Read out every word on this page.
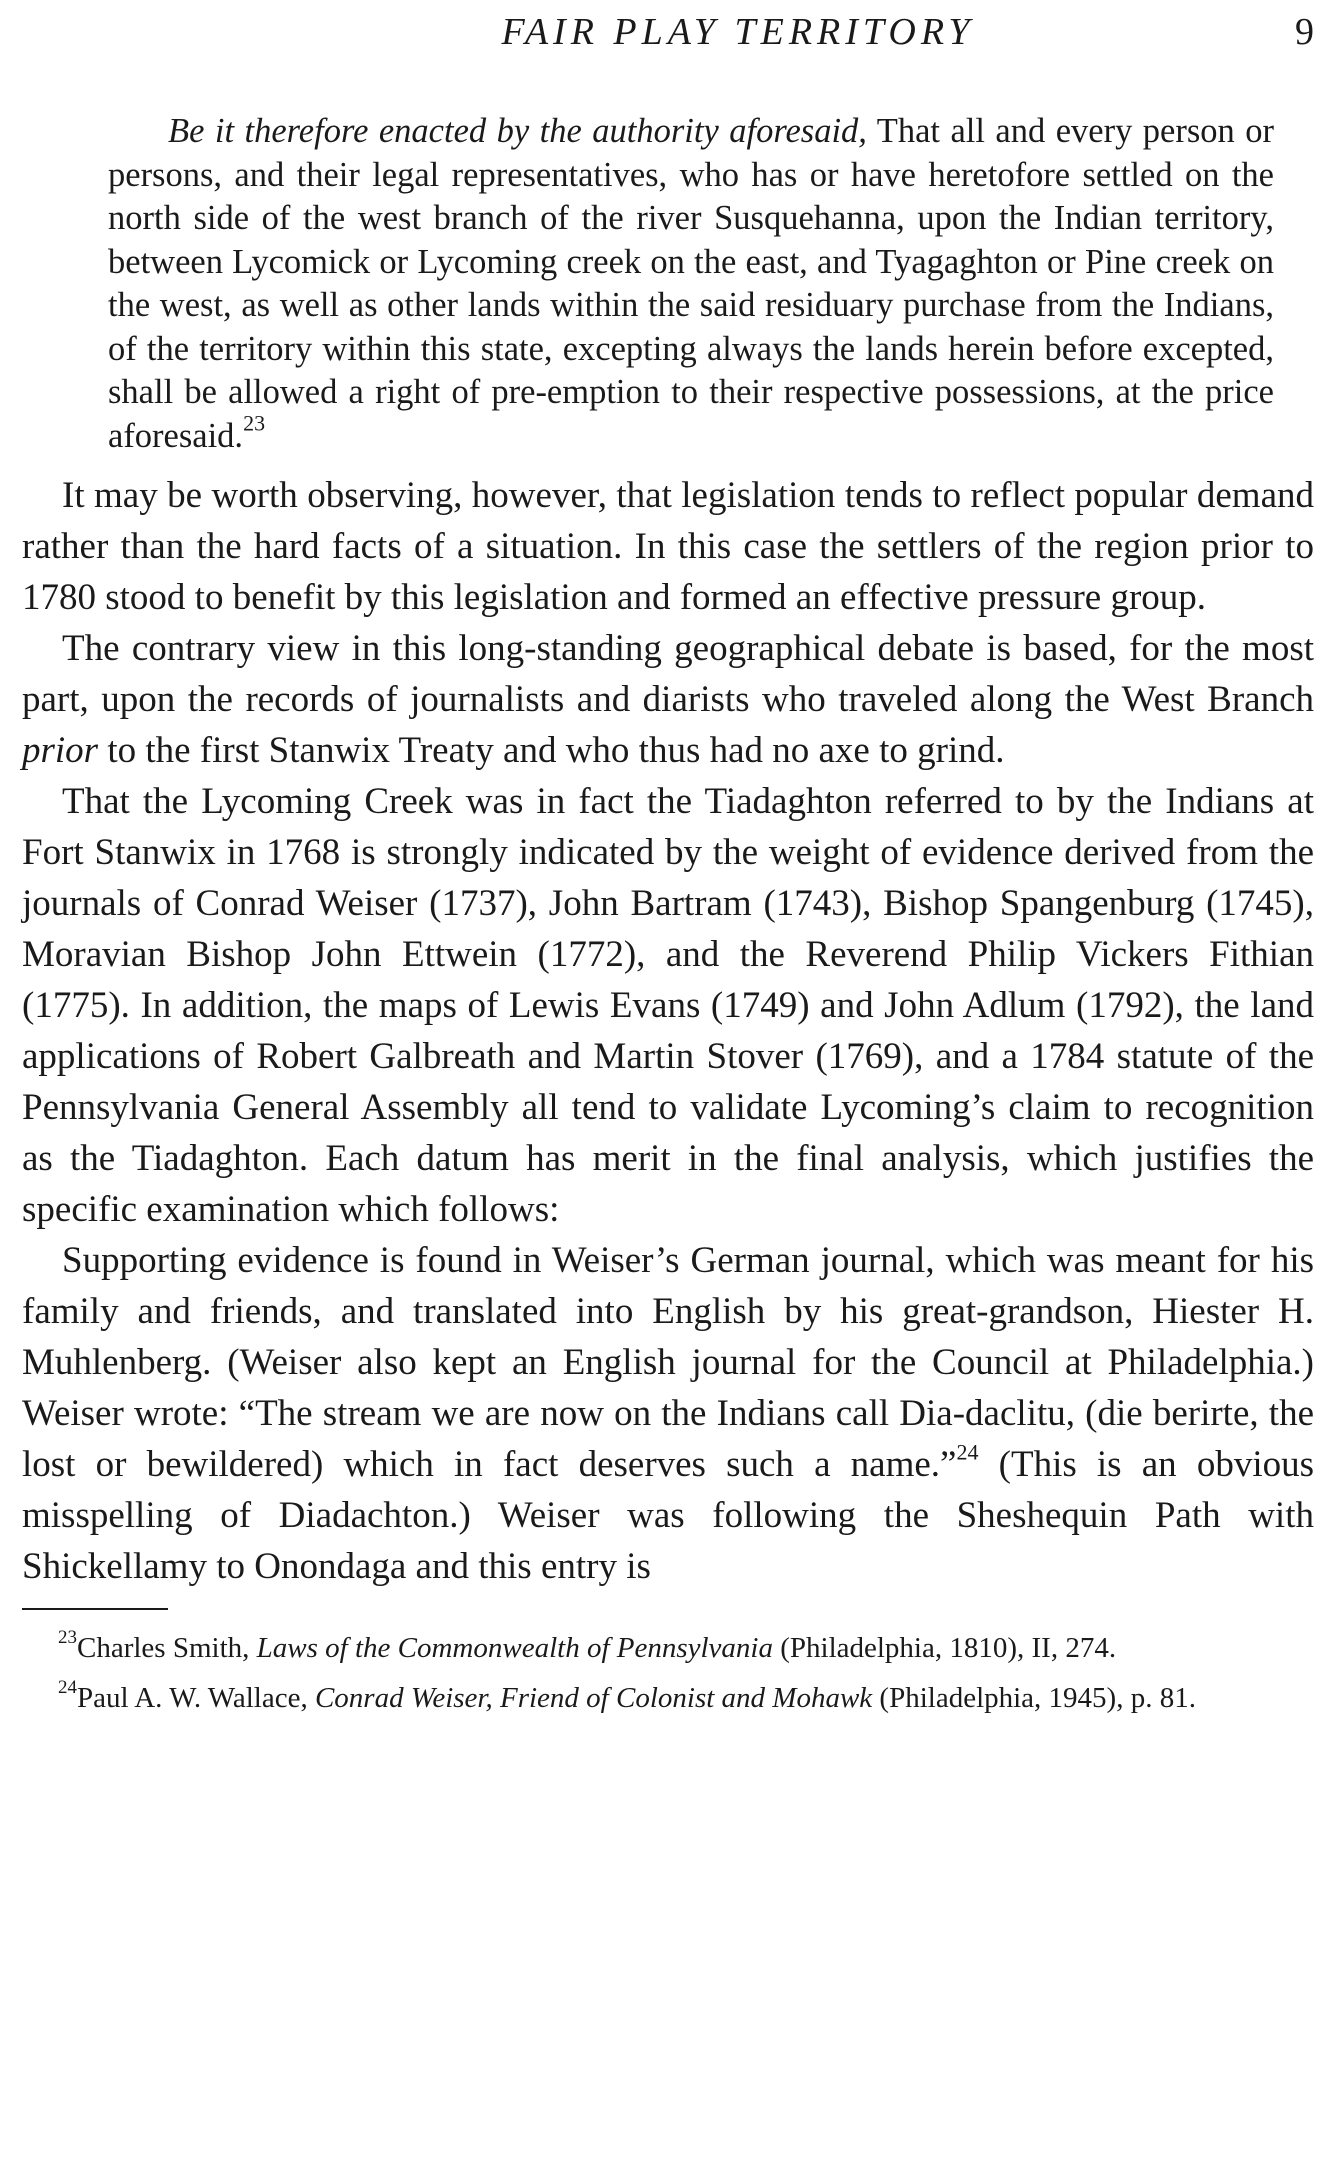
FAIR PLAY TERRITORY	9
Be it therefore enacted by the authority aforesaid, That all and every person or persons, and their legal representatives, who has or have heretofore settled on the north side of the west branch of the river Susquehanna, upon the Indian territory, between Lycomick or Lycoming creek on the east, and Tyagaghton or Pine creek on the west, as well as other lands within the said residuary purchase from the Indians, of the territory within this state, excepting always the lands herein before excepted, shall be allowed a right of pre-emption to their respective possessions, at the price aforesaid.$^{23}$

It may be worth observing, however, that legislation tends to reflect popular demand rather than the hard facts of a situation. In this case the settlers of the region prior to 1780 stood to benefit by this legislation and formed an effective pressure group.

The contrary view in this long-standing geographical debate is based, for the most part, upon the records of journalists and diarists who traveled along the West Branch prior to the first Stanwix Treaty and who thus had no axe to grind.

That the Lycoming Creek was in fact the Tiadaghton referred to by the Indians at Fort Stanwix in 1768 is strongly indicated by the weight of evidence derived from the journals of Conrad Weiser (1737), John Bartram (1743), Bishop Spangenburg (1745), Moravian Bishop John Ettwein (1772), and the Reverend Philip Vickers Fithian (1775). In addition, the maps of Lewis Evans (1749) and John Adlum (1792), the land applications of Robert Galbreath and Martin Stover (1769), and a 1784 statute of the Pennsylvania General Assembly all tend to validate Lycoming’s claim to recognition as the Tiadaghton. Each datum has merit in the final analysis, which justifies the specific examination which follows:

Supporting evidence is found in Weiser’s German journal, which was meant for his family and friends, and translated into English by his great-grandson, Hiester H. Muhlenberg. (Weiser also kept an English journal for the Council at Philadelphia.) Weiser wrote: “The stream we are now on the Indians call Dia-daclitu, (die berirte, the lost or bewildered) which in fact deserves such a name.”$^{24}$ (This is an obvious misspelling of Diadachton.) Weiser was following the Sheshequin Path with Shickellamy to Onondaga and this entry is

$^{23}$Charles Smith, Laws of the Commonwealth of Pennsylvania (Philadelphia, 1810), II, 274.

$^{24}$Paul A. W. Wallace, Conrad Weiser, Friend of Colonist and Mohawk (Philadelphia, 1945), p. 81.
